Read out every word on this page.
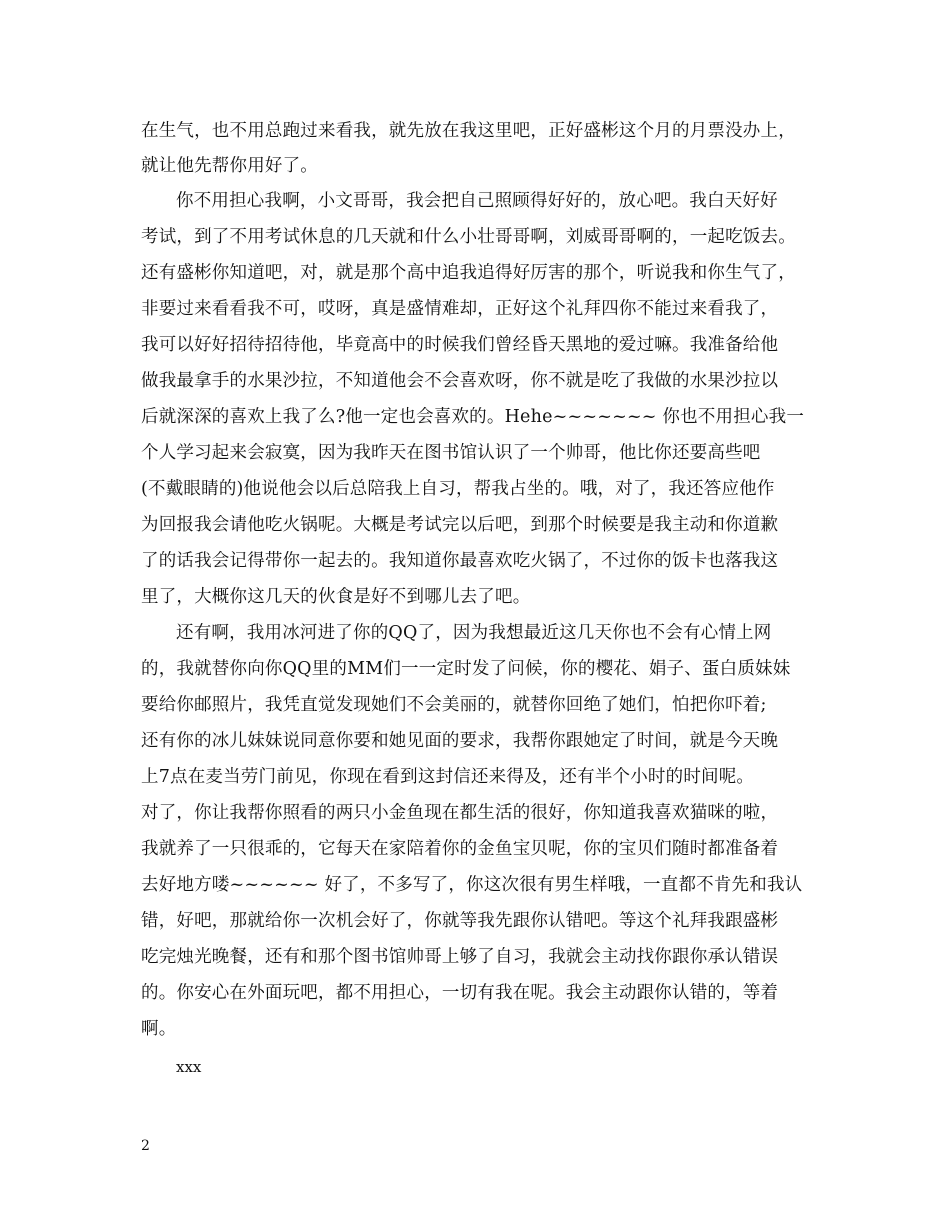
在生气，也不用总跑过来看我，就先放在我这里吧，正好盛彬这个月的月票没办上，
就让他先帮你用好了。
你不用担心我啊，小文哥哥，我会把自己照顾得好好的，放心吧。我白天好好
考试，到了不用考试休息的几天就和什么小壮哥哥啊，刘威哥哥啊的，一起吃饭去。
还有盛彬你知道吧，对，就是那个高中追我追得好厉害的那个，听说我和你生气了，
非要过来看看我不可，哎呀，真是盛情难却，正好这个礼拜四你不能过来看我了，
我可以好好招待招待他，毕竟高中的时候我们曾经昏天黑地的爱过嘛。我准备给他
做我最拿手的水果沙拉，不知道他会不会喜欢呀，你不就是吃了我做的水果沙拉以
后就深深的喜欢上我了么?他一定也会喜欢的。Hehe~~~~~~~ 你也不用担心我一
个人学习起来会寂寞，因为我昨天在图书馆认识了一个帅哥，他比你还要高些吧
(不戴眼睛的)他说他会以后总陪我上自习，帮我占坐的。哦，对了，我还答应他作
为回报我会请他吃火锅呢。大概是考试完以后吧，到那个时候要是我主动和你道歉
了的话我会记得带你一起去的。我知道你最喜欢吃火锅了，不过你的饭卡也落我这
里了，大概你这几天的伙食是好不到哪儿去了吧。
还有啊，我用冰河进了你的QQ了，因为我想最近这几天你也不会有心情上网
的，我就替你向你QQ里的MM们一一定时发了问候，你的樱花、娟子、蛋白质妹妹
要给你邮照片，我凭直觉发现她们不会美丽的，就替你回绝了她们，怕把你吓着;
还有你的冰儿妹妹说同意你要和她见面的要求，我帮你跟她定了时间，就是今天晚
上7点在麦当劳门前见，你现在看到这封信还来得及，还有半个小时的时间呢。
对了，你让我帮你照看的两只小金鱼现在都生活的很好，你知道我喜欢猫咪的啦，
我就养了一只很乖的，它每天在家陪着你的金鱼宝贝呢，你的宝贝们随时都准备着
去好地方喽~~~~~~ 好了，不多写了，你这次很有男生样哦，一直都不肯先和我认
错，好吧，那就给你一次机会好了，你就等我先跟你认错吧。等这个礼拜我跟盛彬
吃完烛光晚餐，还有和那个图书馆帅哥上够了自习，我就会主动找你跟你承认错误
的。你安心在外面玩吧，都不用担心，一切有我在呢。我会主动跟你认错的，等着
啊。
xxx
2
